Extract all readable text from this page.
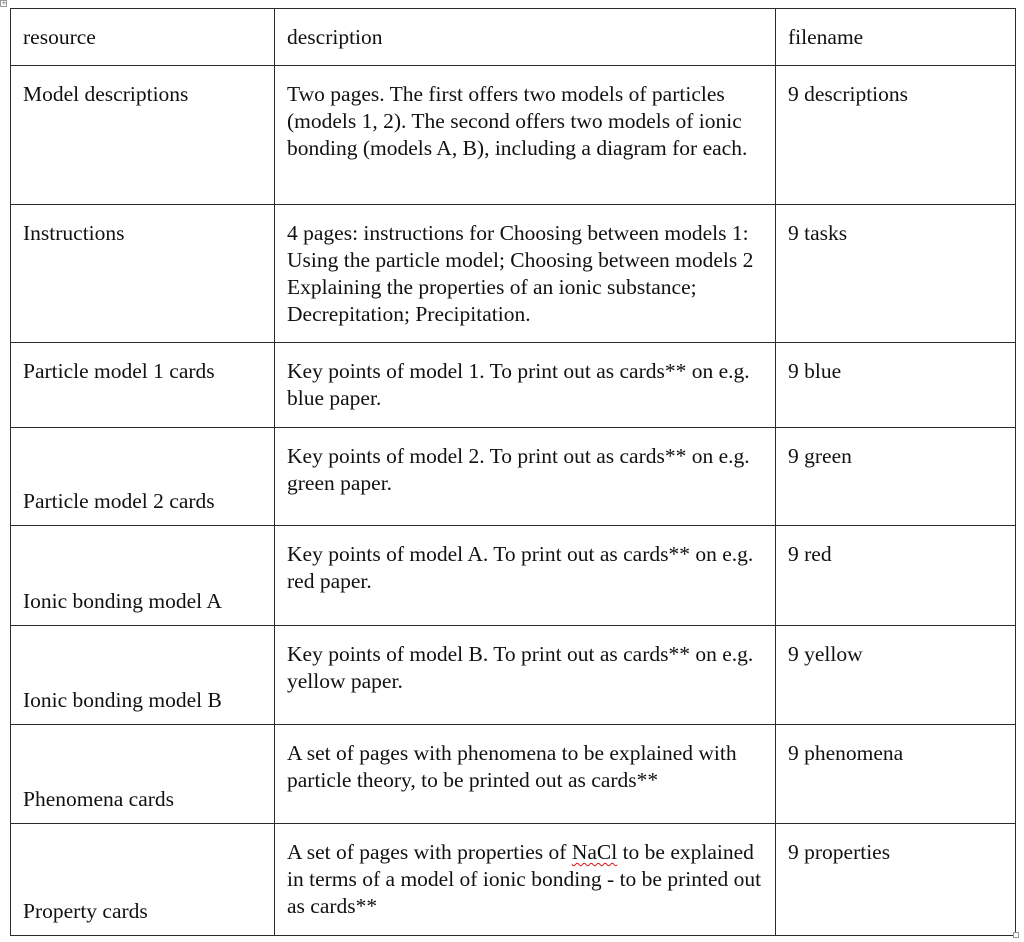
+
resource	description	filename
Model descriptions	Two pages. The first offers two models of particles (models 1, 2). The second offers two models of ionic bonding (models A, B), including a diagram for each.	9 descriptions
Instructions	4 pages: instructions for Choosing between models 1: Using the particle model; Choosing between models 2 Explaining the properties of an ionic substance; Decrepitation; Precipitation.	9 tasks
Particle model 1 cards	Key points of model 1. To print out as cards** on e.g. blue paper.	9 blue
Particle model 2 cards	Key points of model 2. To print out as cards** on e.g. green paper.	9 green
Ionic bonding model A	Key points of model A. To print out as cards** on e.g. red paper.	9 red
Ionic bonding model B	Key points of model B. To print out as cards** on e.g. yellow paper.	9 yellow
Phenomena cards	A set of pages with phenomena to be explained with particle theory, to be printed out as cards**	9 phenomena
Property cards	A set of pages with properties of NaCl to be explained in terms of a model of ionic bonding - to be printed out as cards**	9 properties
